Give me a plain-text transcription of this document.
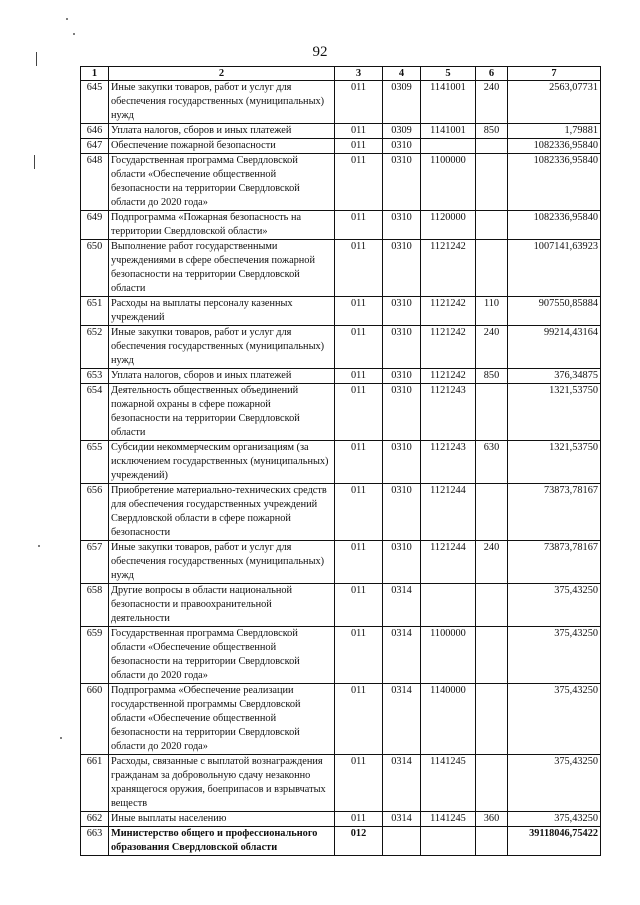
92
1	2	3	4	5	6	7
645	Иные закупки товаров, работ и услуг для обеспечения государственных (муниципальных) нужд	011	0309	1141001	240	2563,07731
646	Уплата налогов, сборов и иных платежей	011	0309	1141001	850	1,79881
647	Обеспечение пожарной безопасности	011	0310			1082336,95840
648	Государственная программа Свердловской области «Обеспечение общественной безопасности на территории Свердловской области до 2020 года»	011	0310	1100000		1082336,95840
649	Подпрограмма «Пожарная безопасность на территории Свердловской области»	011	0310	1120000		1082336,95840
650	Выполнение работ государственными учреждениями в сфере обеспечения пожарной безопасности на территории Свердловской области	011	0310	1121242		1007141,63923
651	Расходы на выплаты персоналу казенных учреждений	011	0310	1121242	110	907550,85884
652	Иные закупки товаров, работ и услуг для обеспечения государственных (муниципальных) нужд	011	0310	1121242	240	99214,43164
653	Уплата налогов, сборов и иных платежей	011	0310	1121242	850	376,34875
654	Деятельность общественных объединений пожарной охраны в сфере пожарной безопасности на территории Свердловской области	011	0310	1121243		1321,53750
655	Субсидии некоммерческим организациям (за исключением государственных (муниципальных) учреждений)	011	0310	1121243	630	1321,53750
656	Приобретение материально-технических средств для обеспечения государственных учреждений Свердловской области в сфере пожарной безопасности	011	0310	1121244		73873,78167
657	Иные закупки товаров, работ и услуг для обеспечения государственных (муниципальных) нужд	011	0310	1121244	240	73873,78167
658	Другие вопросы в области национальной безопасности и правоохранительной деятельности	011	0314			375,43250
659	Государственная программа Свердловской области «Обеспечение общественной безопасности на территории Свердловской области до 2020 года»	011	0314	1100000		375,43250
660	Подпрограмма «Обеспечение реализации государственной программы Свердловской области «Обеспечение общественной безопасности на территории Свердловской области до 2020 года»	011	0314	1140000		375,43250
661	Расходы, связанные с выплатой вознаграждения гражданам за добровольную сдачу незаконно хранящегося оружия, боеприпасов и взрывчатых веществ	011	0314	1141245		375,43250
662	Иные выплаты населению	011	0314	1141245	360	375,43250
663	Министерство общего и профессионального образования Свердловской области	012				39118046,75422
